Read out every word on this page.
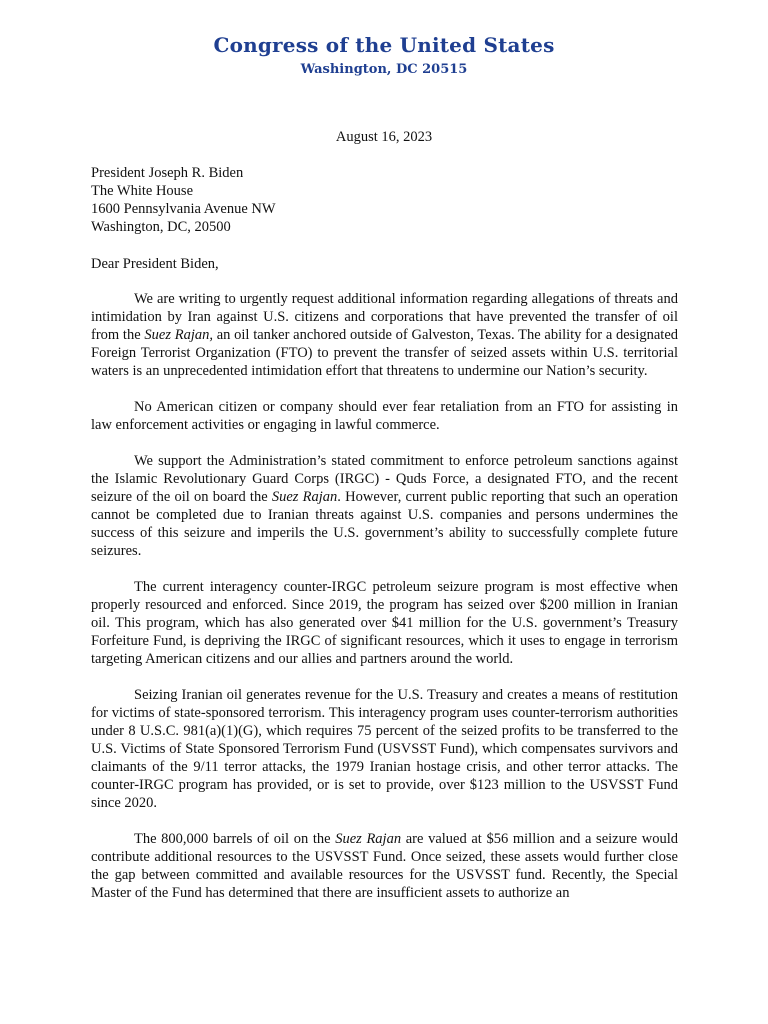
Congress of the United States
Washington, DC 20515
August 16, 2023
President Joseph R. Biden
The White House
1600 Pennsylvania Avenue NW
Washington, DC, 20500
Dear President Biden,

We are writing to urgently request additional information regarding allegations of threats and intimidation by Iran against U.S. citizens and corporations that have prevented the transfer of oil from the Suez Rajan, an oil tanker anchored outside of Galveston, Texas. The ability for a designated Foreign Terrorist Organization (FTO) to prevent the transfer of seized assets within U.S. territorial waters is an unprecedented intimidation effort that threatens to undermine our Nation’s security.

No American citizen or company should ever fear retaliation from an FTO for assisting in law enforcement activities or engaging in lawful commerce.

We support the Administration’s stated commitment to enforce petroleum sanctions against the Islamic Revolutionary Guard Corps (IRGC) - Quds Force, a designated FTO, and the recent seizure of the oil on board the Suez Rajan. However, current public reporting that such an operation cannot be completed due to Iranian threats against U.S. companies and persons undermines the success of this seizure and imperils the U.S. government’s ability to successfully complete future seizures.

The current interagency counter-IRGC petroleum seizure program is most effective when properly resourced and enforced. Since 2019, the program has seized over $200 million in Iranian oil. This program, which has also generated over $41 million for the U.S. government’s Treasury Forfeiture Fund, is depriving the IRGC of significant resources, which it uses to engage in terrorism targeting American citizens and our allies and partners around the world.

Seizing Iranian oil generates revenue for the U.S. Treasury and creates a means of restitution for victims of state-sponsored terrorism. This interagency program uses counter-terrorism authorities under 8 U.S.C. 981(a)(1)(G), which requires 75 percent of the seized profits to be transferred to the U.S. Victims of State Sponsored Terrorism Fund (USVSST Fund), which compensates survivors and claimants of the 9/11 terror attacks, the 1979 Iranian hostage crisis, and other terror attacks. The counter-IRGC program has provided, or is set to provide, over $123 million to the USVSST Fund since 2020.

The 800,000 barrels of oil on the Suez Rajan are valued at $56 million and a seizure would contribute additional resources to the USVSST Fund. Once seized, these assets would further close the gap between committed and available resources for the USVSST fund. Recently, the Special Master of the Fund has determined that there are insufficient assets to authorize an
